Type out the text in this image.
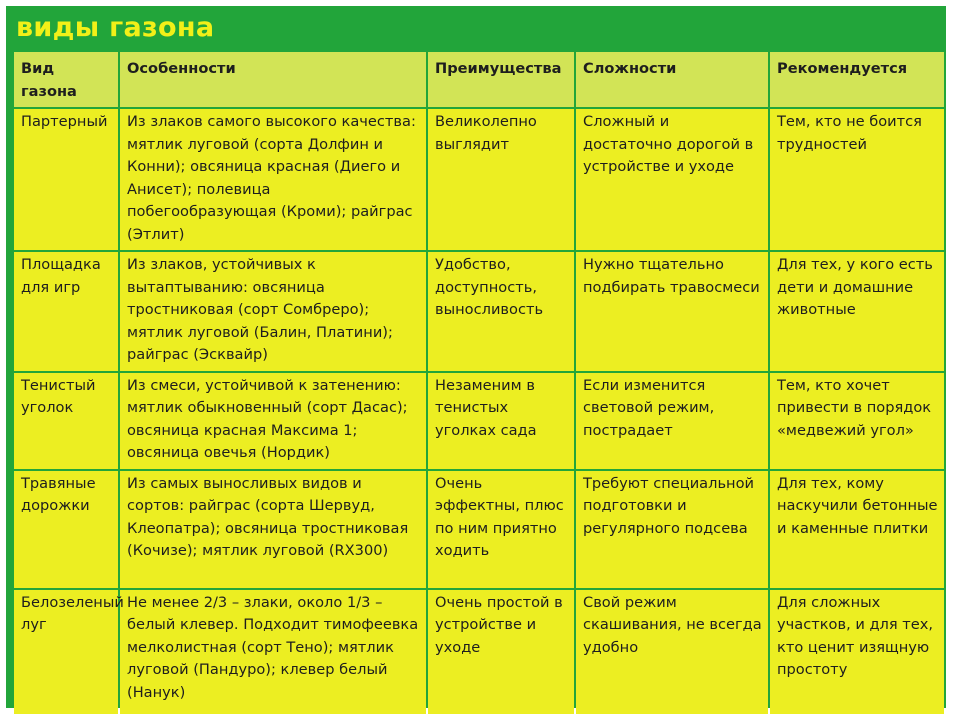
виды газона
Вид газона	Особенности	Преимущества	Сложности	Рекомендуется
Партерный	Из злаков самого высокого качества: мятлик луговой (сорта Долфин и Конни); овсяница красная (Диего и Анисет); полевица побегообразующая (Кроми); райграс (Этлит)	Великолепно выглядит	Сложный и достаточно дорогой в устройстве и уходе	Тем, кто не боится трудностей
Площадка для игр	Из злаков, устойчивых к вытаптыванию: овсяница тростниковая (сорт Сомбреро); мятлик луговой (Балин, Платини); райграс (Эсквайр)	Удобство, доступность, выносливость	Нужно тщательно подбирать травосмеси	Для тех, у кого есть дети и домашние животные
Тенистый уголок	Из смеси, устойчивой к затенению: мятлик обыкновенный (сорт Дасас); овсяница красная Максима 1; овсяница овечья (Нордик)	Незаменим в тенистых уголках сада	Если изменится световой режим, пострадает	Тем, кто хочет привести в порядок «медвежий угол»
Травяные дорожки	Из самых выносливых видов и сортов: райграс (сорта Шервуд, Клеопатра); овсяница тростниковая (Кочизе); мятлик луговой (RX300)	Очень эффектны, плюс по ним приятно ходить	Требуют специальной подготовки и регулярного подсева	Для тех, кому наскучили бетонные и каменные плитки
Белозеленый луг	Не менее 2/3 – злаки, около 1/3 – белый клевер. Подходит тимофеевка мелколистная (сорт Тено); мятлик луговой (Пандуро); клевер белый (Нанук)	Очень простой в устройстве и уходе	Свой режим скашивания, не всегда удобно	Для сложных участков, и для тех, кто ценит изящную простоту
